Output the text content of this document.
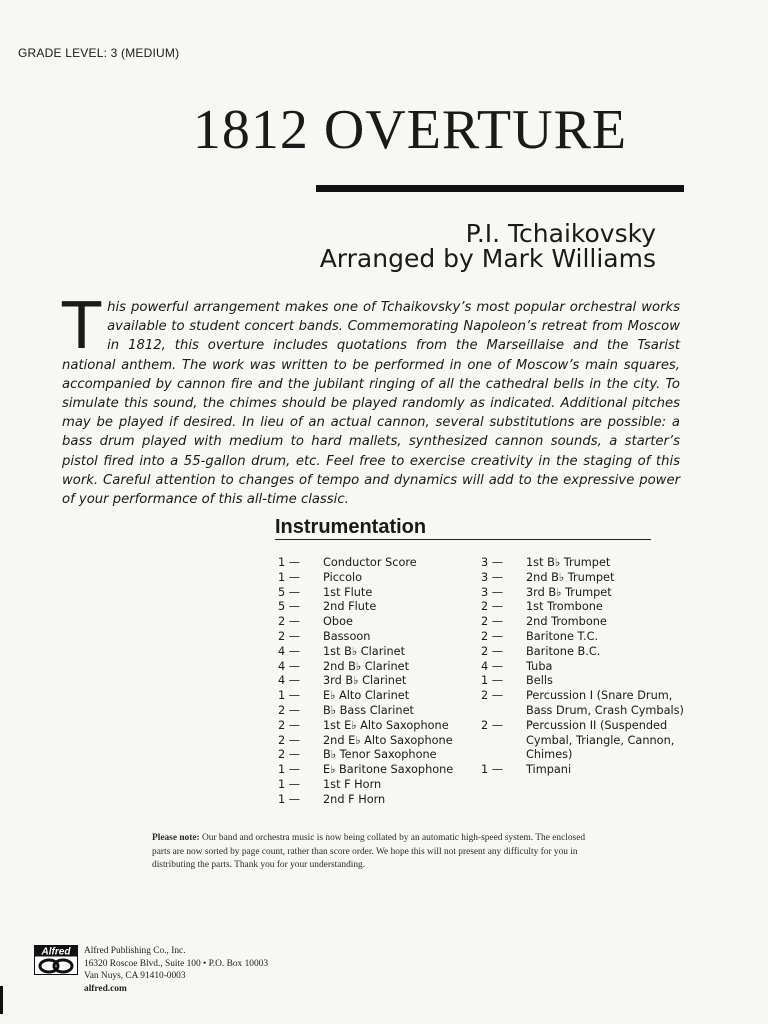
GRADE LEVEL: 3 (MEDIUM)
1812 OVERTURE
P.I. Tchaikovsky
Arranged by Mark Williams
T his powerful arrangement makes one of Tchaikovsky’s most popular orchestral works available to student concert bands. Commemorating Napoleon’s retreat from Moscow in 1812, this overture includes quotations from the Marseillaise and the Tsarist national anthem. The work was written to be performed in one of Moscow’s main squares, accompanied by cannon fire and the jubilant ringing of all the cathedral bells in the city. To simulate this sound, the chimes should be played randomly as indicated. Additional pitches may be played if desired. In lieu of an actual cannon, several substitutions are possible: a bass drum played with medium to hard mallets, synthesized cannon sounds, a starter’s pistol fired into a 55-gallon drum, etc. Feel free to exercise creativity in the staging of this work. Careful attention to changes of tempo and dynamics will add to the expressive power of your performance of this all-time classic.
Instrumentation
1 —	Conductor Score
1 —	Piccolo
5 —	1st Flute
5 —	2nd Flute
2 —	Oboe
2 —	Bassoon
4 —	1st B♭ Clarinet
4 —	2nd B♭ Clarinet
4 —	3rd B♭ Clarinet
1 —	E♭ Alto Clarinet
2 —	B♭ Bass Clarinet
2 —	1st E♭ Alto Saxophone
2 —	2nd E♭ Alto Saxophone
2 —	B♭ Tenor Saxophone
1 —	E♭ Baritone Saxophone
1 —	1st F Horn
1 —	2nd F Horn
3 —	1st B♭ Trumpet
3 —	2nd B♭ Trumpet
3 —	3rd B♭ Trumpet
2 —	1st Trombone
2 —	2nd Trombone
2 —	Baritone T.C.
2 —	Baritone B.C.
4 —	Tuba
1 —	Bells
2 —	Percussion I (Snare Drum, Bass Drum, Crash Cymbals)
2 —	Percussion II (Suspended Cymbal, Triangle, Cannon, Chimes)
1 —	Timpani
Please note: Our band and orchestra music is now being collated by an automatic high-speed system. The enclosed parts are now sorted by page count, rather than score order. We hope this will not present any difficulty for you in distributing the parts. Thank you for your understanding.
Alfred Alfred Publishing Co., Inc.
16320 Roscoe Blvd., Suite 100 • P.O. Box 10003
Van Nuys, CA 91410-0003
alfred.com
